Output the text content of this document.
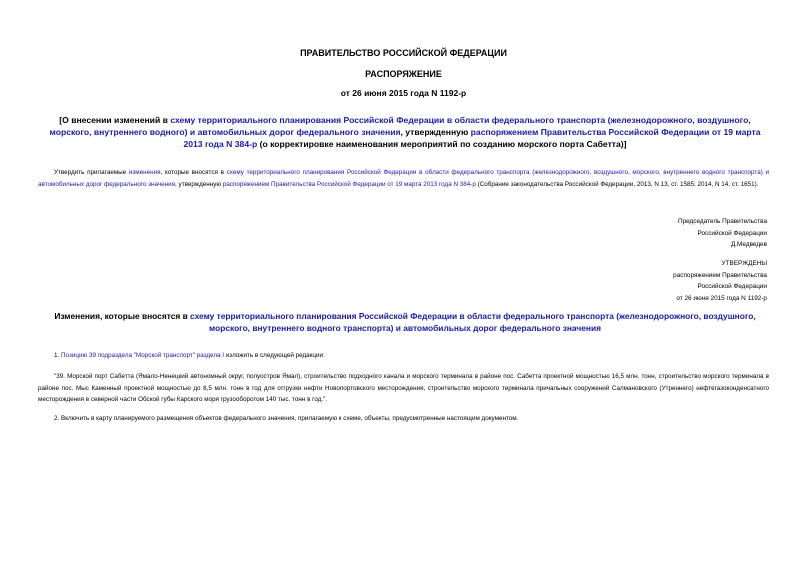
ПРАВИТЕЛЬСТВО РОССИЙСКОЙ ФЕДЕРАЦИИ
РАСПОРЯЖЕНИЕ
от 26 июня 2015 года N 1192-р
[О внесении изменений в схему территориального планирования Российской Федерации в области федерального транспорта (железнодорожного, воздушного, морского, внутреннего водного) и автомобильных дорог федерального значения, утвержденную распоряжением Правительства Российской Федерации от 19 марта 2013 года N 384-р (о корректировке наименования мероприятий по созданию морского порта Сабетта)]
Утвердить прилагаемые изменения, которые вносятся в схему территориального планирования Российской Федерации в области федерального транспорта (железнодорожного, воздушного, морского, внутреннего водного транспорта) и автомобильных дорог федерального значения, утвержденную распоряжением Правительства Российской Федерации от 19 марта 2013 года N 384-р (Собрание законодательства Российской Федерации, 2013, N 13, ст. 1585; 2014, N 14, ст. 1651).
Председатель Правительства
Российской Федерации
Д.Медведев
УТВЕРЖДЕНЫ
распоряжением Правительства
Российской Федерации
от 26 июня 2015 года N 1192-р
Изменения, которые вносятся в схему территориального планирования Российской Федерации в области федерального транспорта (железнодорожного, воздушного, морского, внутреннего водного транспорта) и автомобильных дорог федерального значения
1. Позицию 39 подраздела "Морской транспорт" раздела I изложить в следующей редакции:
"39. Морской порт Сабетта (Ямало-Ненецкий автономный округ, полуостров Ямал), строительство подходного канала и морского терминала в районе пос. Сабетта проектной мощностью 16,5 млн. тонн, строительство морского терминала в районе пос. Мыс Каменный проектной мощностью до 8,5 млн. тонн в год для отгрузки нефти Новопортовского месторождения, строительство морского терминала причальных сооружений Салмановского (Утреннего) нефтегазоконденсатного месторождения в северной части Обской губы Карского моря грузооборотом 140 тыс. тонн в год.".
2. Включить в карту планируемого размещения объектов федерального значения, прилагаемую к схеме, объекты, предусмотренные настоящим документом.
